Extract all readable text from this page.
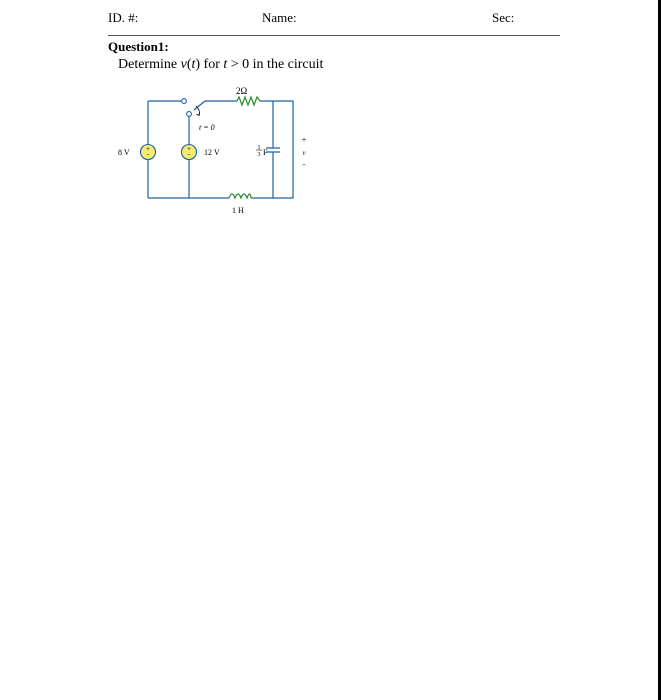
ID. #:	Name:	Sec:
Question1:
Determine v(t) for t > 0 in the circuit
t = 0
2Ω
+
−
8 V	+
− 12 V	1
3 F
+
v
−
1 H
